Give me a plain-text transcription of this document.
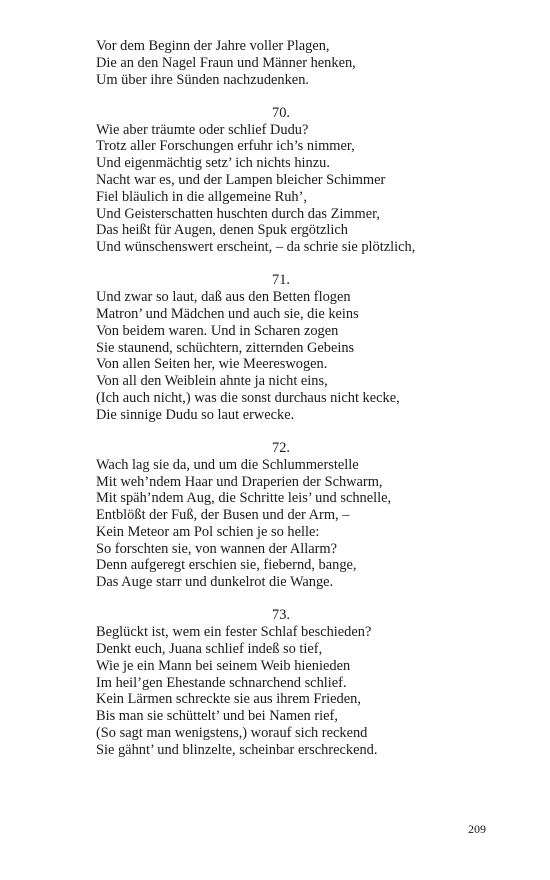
Vor dem Beginn der Jahre voller Plagen,
Die an den Nagel Fraun und Männer henken,
Um über ihre Sünden nachzudenken.
70.
Wie aber träumte oder schlief Dudu?
Trotz aller Forschungen erfuhr ich’s nimmer,
Und eigenmächtig setz’ ich nichts hinzu.
Nacht war es, und der Lampen bleicher Schimmer
Fiel bläulich in die allgemeine Ruh’,
Und Geisterschatten huschten durch das Zimmer,
Das heißt für Augen, denen Spuk ergötzlich
Und wünschenswert erscheint, – da schrie sie plötzlich,
71.
Und zwar so laut, daß aus den Betten flogen
Matron’ und Mädchen und auch sie, die keins
Von beidem waren. Und in Scharen zogen
Sie staunend, schüchtern, zitternden Gebeins
Von allen Seiten her, wie Meereswogen.
Von all den Weiblein ahnte ja nicht eins,
(Ich auch nicht,) was die sonst durchaus nicht kecke,
Die sinnige Dudu so laut erwecke.
72.
Wach lag sie da, und um die Schlummerstelle
Mit weh’ndem Haar und Draperien der Schwarm,
Mit späh’ndem Aug, die Schritte leis’ und schnelle,
Entblößt der Fuß, der Busen und der Arm, –
Kein Meteor am Pol schien je so helle:
So forschten sie, von wannen der Allarm?
Denn aufgeregt erschien sie, fiebernd, bange,
Das Auge starr und dunkelrot die Wange.
73.
Beglückt ist, wem ein fester Schlaf beschieden?
Denkt euch, Juana schlief indeß so tief,
Wie je ein Mann bei seinem Weib hienieden
Im heil’gen Ehestande schnarchend schlief.
Kein Lärmen schreckte sie aus ihrem Frieden,
Bis man sie schüttelt’ und bei Namen rief,
(So sagt man wenigstens,) worauf sich reckend
Sie gähnt’ und blinzelte, scheinbar erschreckend.
209
